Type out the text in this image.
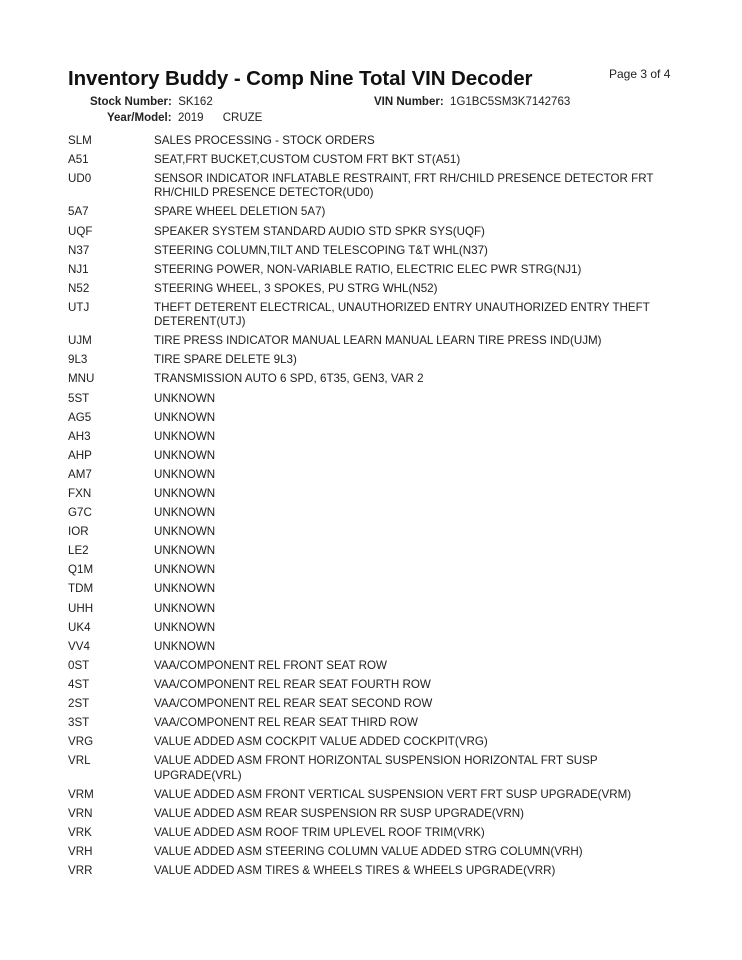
Inventory Buddy - Comp Nine Total VIN Decoder	Page 3 of 4
Stock Number: SK162
Year/Model: 2019 CRUZE
VIN Number: 1G1BC5SM3K7142763
SLM	SALES PROCESSING - STOCK ORDERS
A51	SEAT,FRT BUCKET,CUSTOM CUSTOM FRT BKT ST(A51)
UD0	SENSOR INDICATOR INFLATABLE RESTRAINT, FRT RH/CHILD PRESENCE DETECTOR FRT RH/CHILD PRESENCE DETECTOR(UD0)
5A7	SPARE WHEEL DELETION 5A7)
UQF	SPEAKER SYSTEM STANDARD AUDIO STD SPKR SYS(UQF)
N37	STEERING COLUMN,TILT AND TELESCOPING T&T WHL(N37)
NJ1	STEERING POWER, NON-VARIABLE RATIO, ELECTRIC ELEC PWR STRG(NJ1)
N52	STEERING WHEEL, 3 SPOKES, PU STRG WHL(N52)
UTJ	THEFT DETERENT ELECTRICAL, UNAUTHORIZED ENTRY UNAUTHORIZED ENTRY THEFT DETERENT(UTJ)
UJM	TIRE PRESS INDICATOR MANUAL LEARN MANUAL LEARN TIRE PRESS IND(UJM)
9L3	TIRE SPARE DELETE 9L3)
MNU	TRANSMISSION AUTO 6 SPD, 6T35, GEN3, VAR 2
5ST	UNKNOWN
AG5	UNKNOWN
AH3	UNKNOWN
AHP	UNKNOWN
AM7	UNKNOWN
FXN	UNKNOWN
G7C	UNKNOWN
IOR	UNKNOWN
LE2	UNKNOWN
Q1M	UNKNOWN
TDM	UNKNOWN
UHH	UNKNOWN
UK4	UNKNOWN
VV4	UNKNOWN
0ST	VAA/COMPONENT REL FRONT SEAT ROW
4ST	VAA/COMPONENT REL REAR SEAT FOURTH ROW
2ST	VAA/COMPONENT REL REAR SEAT SECOND ROW
3ST	VAA/COMPONENT REL REAR SEAT THIRD ROW
VRG	VALUE ADDED ASM COCKPIT VALUE ADDED COCKPIT(VRG)
VRL	VALUE ADDED ASM FRONT HORIZONTAL SUSPENSION HORIZONTAL FRT SUSP UPGRADE(VRL)
VRM	VALUE ADDED ASM FRONT VERTICAL SUSPENSION VERT FRT SUSP UPGRADE(VRM)
VRN	VALUE ADDED ASM REAR SUSPENSION RR SUSP UPGRADE(VRN)
VRK	VALUE ADDED ASM ROOF TRIM UPLEVEL ROOF TRIM(VRK)
VRH	VALUE ADDED ASM STEERING COLUMN VALUE ADDED STRG COLUMN(VRH)
VRR	VALUE ADDED ASM TIRES & WHEELS TIRES & WHEELS UPGRADE(VRR)
